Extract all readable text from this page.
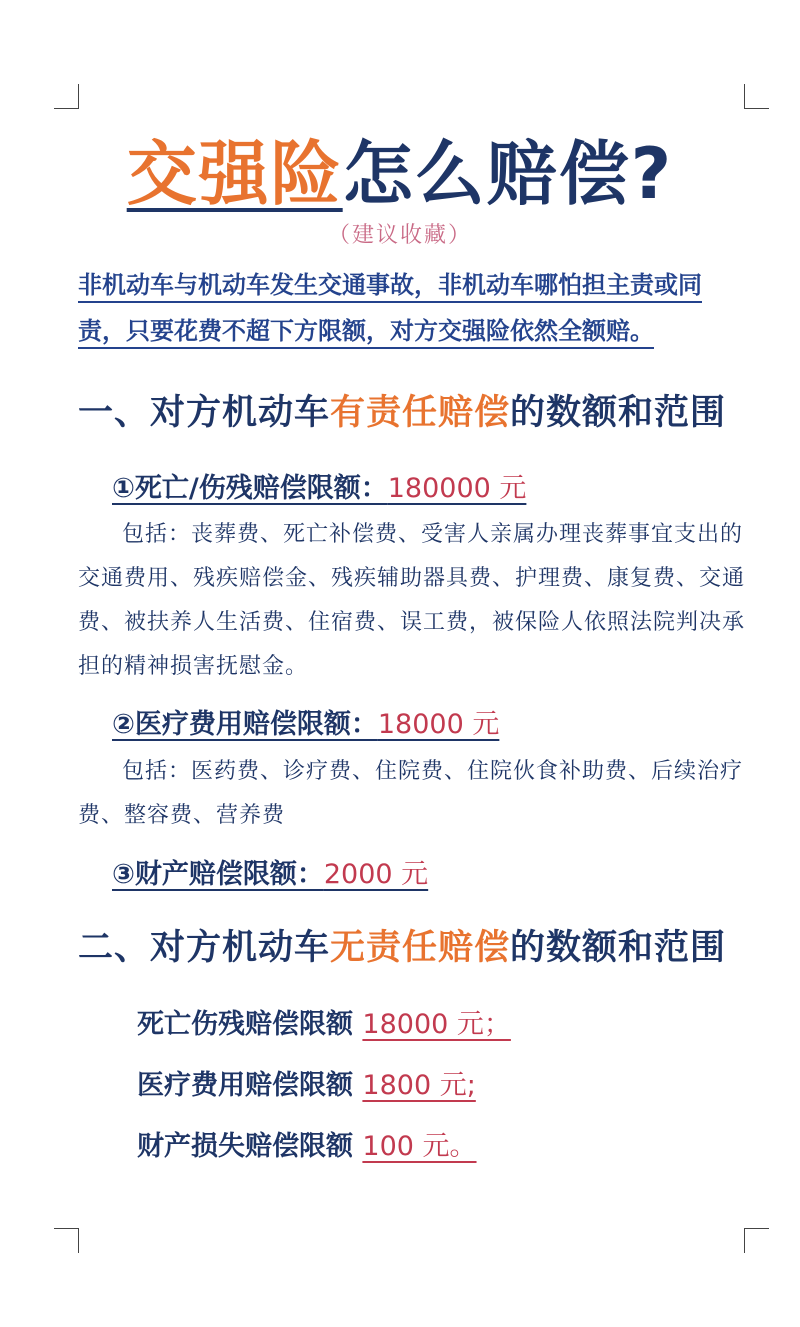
交强险怎么赔偿?
（建议收藏）

非机动车与机动车发生交通事故，非机动车哪怕担主责或同责，只要花费不超下方限额，对方交强险依然全额赔。

一、对方机动车有责任赔偿的数额和范围

①死亡/伤残赔偿限额：180000 元

包括：丧葬费、死亡补偿费、受害人亲属办理丧葬事宜支出的交通费用、残疾赔偿金、残疾辅助器具费、护理费、康复费、交通费、被扶养人生活费、住宿费、误工费，被保险人依照法院判决承担的精神损害抚慰金。

②医疗费用赔偿限额：18000 元

包括：医药费、诊疗费、住院费、住院伙食补助费、后续治疗费、整容费、营养费

③财产赔偿限额：2000 元

二、对方机动车无责任赔偿的数额和范围

死亡伤残赔偿限额 18000 元；

医疗费用赔偿限额 1800 元;

财产损失赔偿限额 100 元。
